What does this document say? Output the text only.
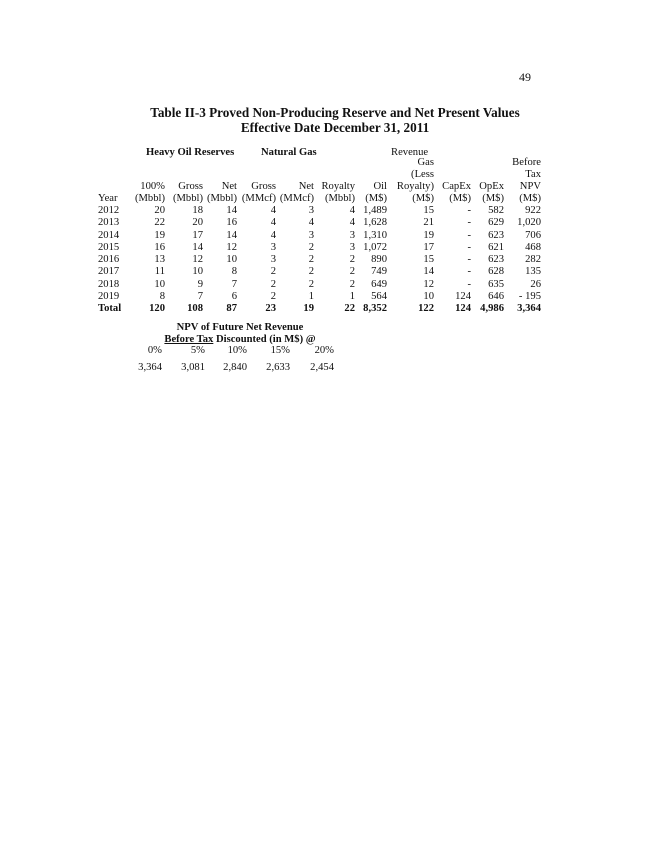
49
Table II-3 Proved Non-Producing Reserve and Net Present Values
Effective Date December 31, 2011
Heavy Oil Reserves	Natural Gas	Revenue
								Gas			Before
								(Less			Tax

	100%	Gross	Net	Gross	Net	Royalty	Oil	Royalty)	CapEx	OpEx	NPV
Year	(Mbbl)	(Mbbl)	(Mbbl)	(MMcf)	(MMcf)	(Mbbl)	(M$)	(M$)	(M$)	(M$)	(M$)
2012	20	18	14	4	3	4	1,489	15	-	582	922
2013	22	20	16	4	4	4	1,628	21	-	629	1,020
2014	19	17	14	4	3	3	1,310	19	-	623	706
2015	16	14	12	3	2	3	1,072	17	-	621	468
2016	13	12	10	3	2	2	890	15	-	623	282
2017	11	10	8	2	2	2	749	14	-	628	135
2018	10	9	7	2	2	2	649	12	-	635	26
2019	8	7	6	2	1	1	564	10	124	646	- 195
Total	120	108	87	23	19	22	8,352	122	124	4,986	3,364
NPV of Future Net Revenue
Before Tax Discounted (in M$) @
0%	5%	10%	15%	20%
3,364	3,081	2,840	2,633	2,454
